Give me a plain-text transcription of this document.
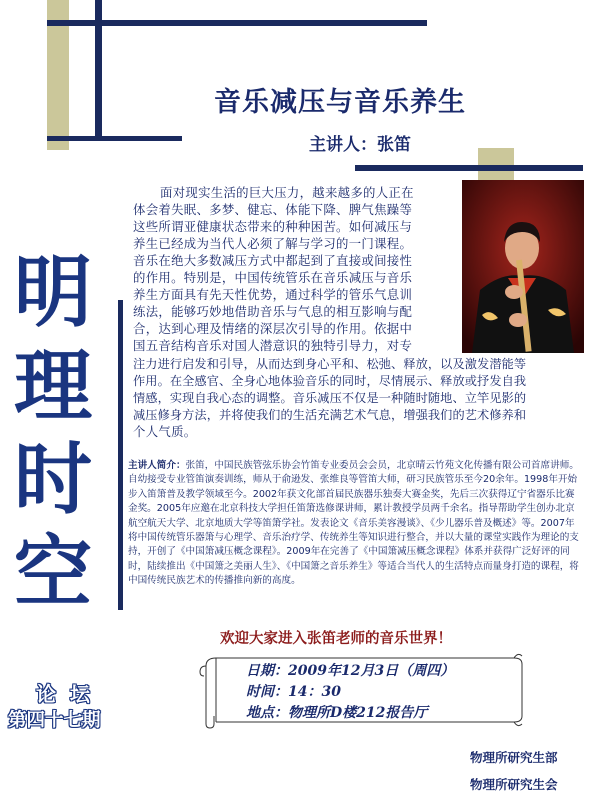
音乐减压与音乐养生
主讲人：张笛
明
理
时
空
论  坛
第四十七期
面对现实生活的巨大压力，越来越多的人正在
体会着失眠、多梦、健忘、体能下降、脾气焦躁等
这些所谓亚健康状态带来的种种困苦。如何减压与
养生已经成为当代人必须了解与学习的一门课程。
音乐在绝大多数减压方式中都起到了直接或间接性
的作用。特别是，中国传统管乐在音乐减压与音乐
养生方面具有先天性优势，通过科学的管乐气息训
练法，能够巧妙地借助音乐与气息的相互影响与配
合，达到心理及情绪的深层次引导的作用。依据中
国五音结构音乐对国人潜意识的独特引导力，对专
注力进行启发和引导，从而达到身心平和、松弛、释放，以及激发潜能等
作用。在全感官、全身心地体验音乐的同时，尽情展示、释放或抒发自我
情感，实现自我心态的调整。音乐减压不仅是一种随时随地、立竿见影的
减压修身方法，并将使我们的生活充满艺术气息，增强我们的艺术修养和
个人气质。
主讲人简介：张笛，中国民族管弦乐协会竹笛专业委员会会员，北京晴云竹苑文化传播有限公司首席讲师。自幼接受专业管笛演奏训练，师从于俞逊发、张维良等管笛大师，研习民族管乐至今20余年。1998年开始步入笛箫普及教学领域至今。2002年获文化部首届民族器乐独奏大赛金奖，先后三次获得辽宁省器乐比赛金奖。2005年应邀在北京科技大学担任笛箫选修课讲师，累计教授学员两千余名。指导帮助学生创办北京航空航天大学、北京地质大学等笛箫学社。发表论文《音乐美容漫谈》、《少儿器乐普及概述》等。2007年将中国传统管乐器箫与心理学、音乐治疗学、传统养生等知识进行整合，并以大量的课堂实践作为理论的支持，开创了《中国箫减压概念课程》。2009年在完善了《中国箫减压概念课程》体系并获得广泛好评的同时，陆续推出《中国箫之美丽人生》、《中国箫之音乐养生》等适合当代人的生活特点而量身打造的课程，将中国传统民族艺术的传播推向新的高度。
欢迎大家进入张笛老师的音乐世界！
日期：2009年12月3日（周四）
时间：14：30
地点：物理所D楼212报告厅
物理所研究生部
物理所研究生会
